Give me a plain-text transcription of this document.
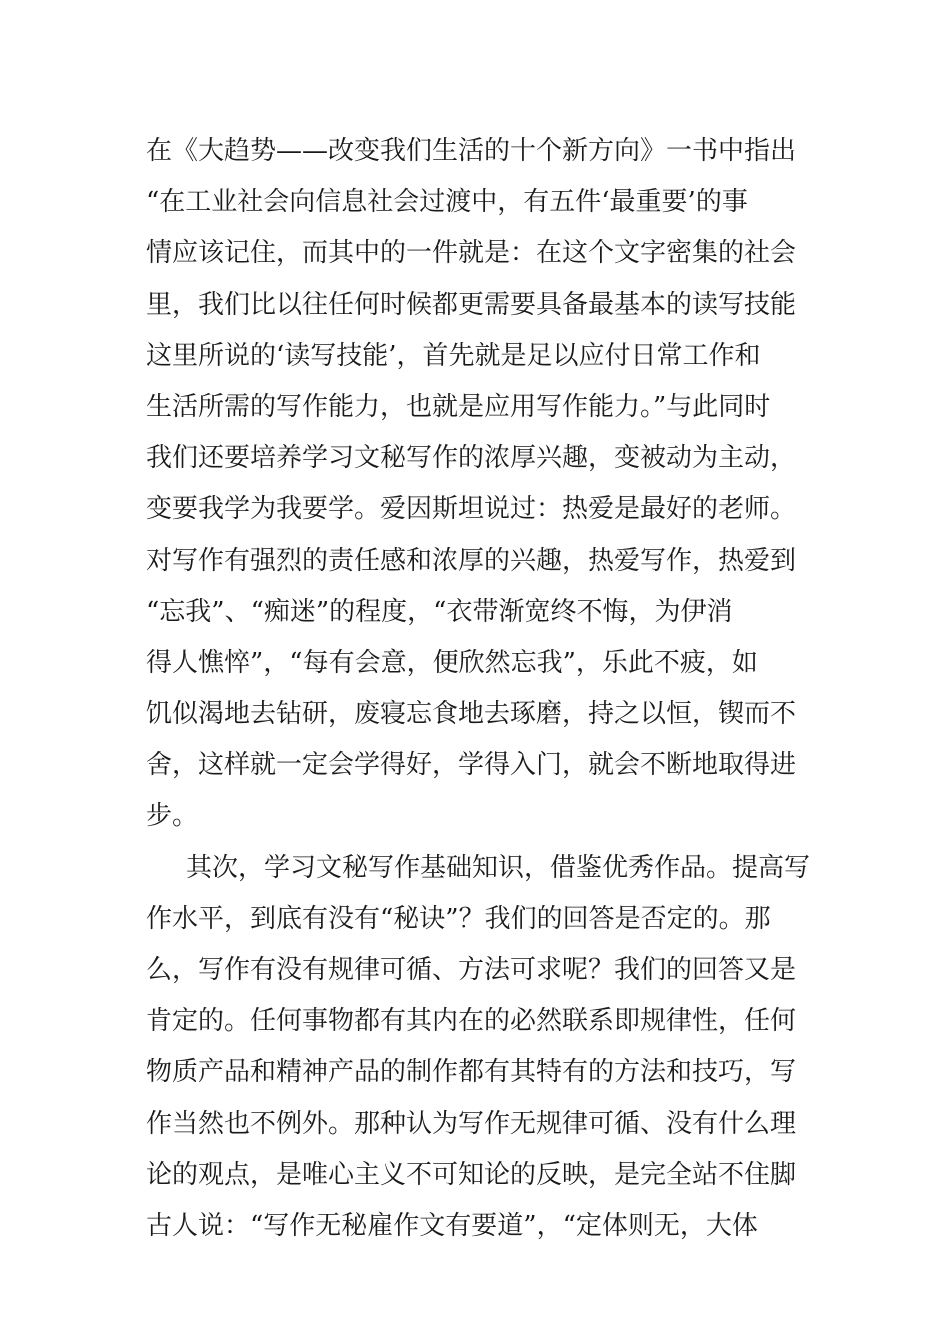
在《大趋势——改变我们生活的十个新方向》一书中指出
“在工业社会向信息社会过渡中，有五件‘最重要’的事
情应该记住，而其中的一件就是：在这个文字密集的社会
里，我们比以往任何时候都更需要具备最基本的读写技能
这里所说的‘读写技能’，首先就是足以应付日常工作和
生活所需的写作能力，也就是应用写作能力。”与此同时
我们还要培养学习文秘写作的浓厚兴趣，变被动为主动，
变要我学为我要学。爱因斯坦说过：热爱是最好的老师。
对写作有强烈的责任感和浓厚的兴趣，热爱写作，热爱到
“忘我”、“痴迷”的程度，“衣带渐宽终不悔，为伊消
得人憔悴”，“每有会意，便欣然忘我”，乐此不疲，如
饥似渴地去钻研，废寝忘食地去琢磨，持之以恒，锲而不
舍，这样就一定会学得好，学得入门，就会不断地取得进
步。
其次，学习文秘写作基础知识，借鉴优秀作品。提高写
作水平，到底有没有“秘诀”？我们的回答是否定的。那
么，写作有没有规律可循、方法可求呢？我们的回答又是
肯定的。任何事物都有其内在的必然联系即规律性，任何
物质产品和精神产品的制作都有其特有的方法和技巧，写
作当然也不例外。那种认为写作无规律可循、没有什么理
论的观点，是唯心主义不可知论的反映，是完全站不住脚
古人说：“写作无秘雇作文有要道”，“定体则无，大体
